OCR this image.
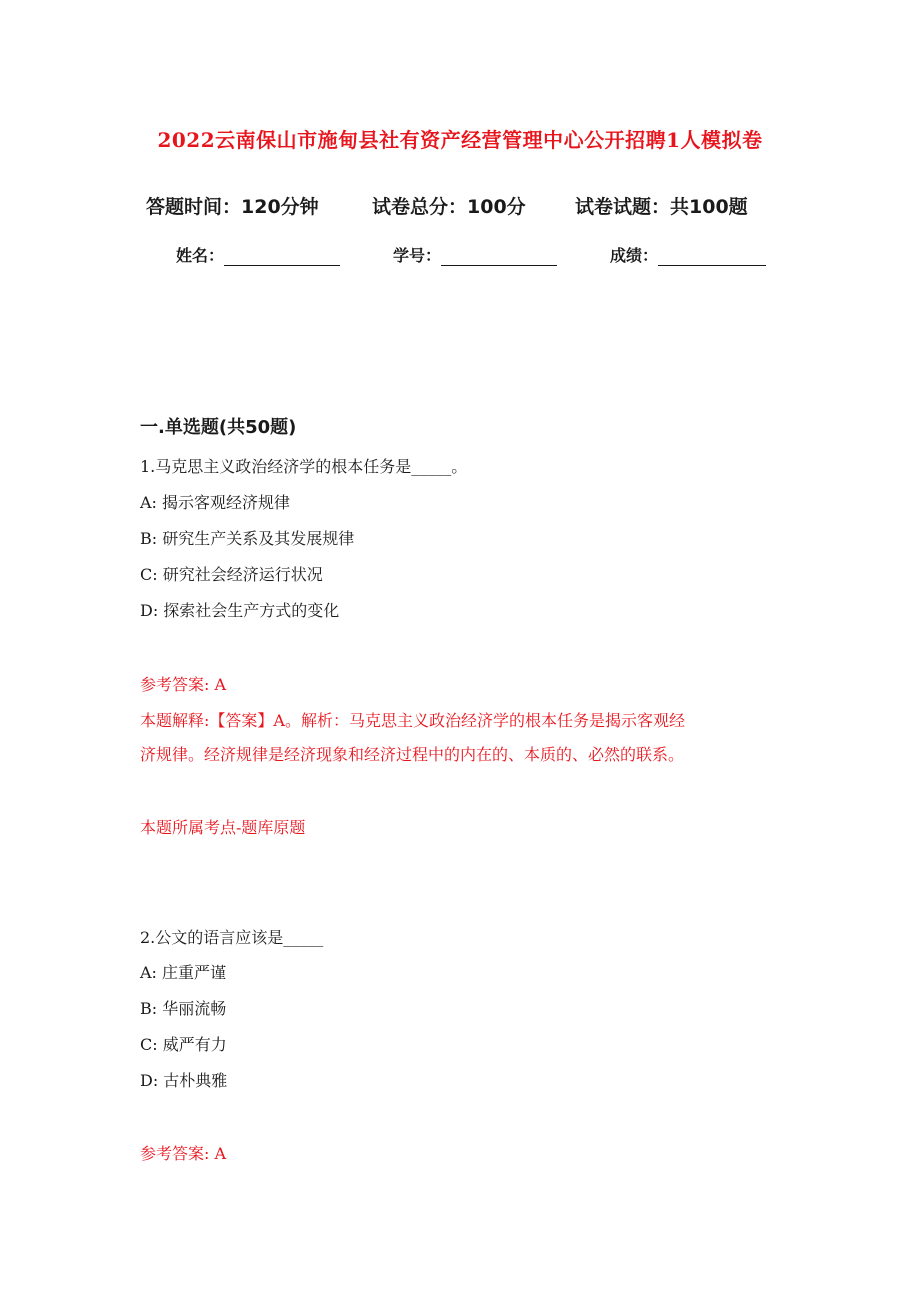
2022云南保山市施甸县社有资产经营管理中心公开招聘1人模拟卷
答题时间：120分钟	试卷总分：100分	试卷试题：共100题
姓名：	学号：	成绩：
一.单选题(共50题)
1.马克思主义政治经济学的根本任务是_____。
A: 揭示客观经济规律
B: 研究生产关系及其发展规律
C: 研究社会经济运行状况
D: 探索社会生产方式的变化
参考答案: A
本题解释:【答案】A。解析：马克思主义政治经济学的根本任务是揭示客观经
济规律。经济规律是经济现象和经济过程中的内在的、本质的、必然的联系。
本题所属考点-题库原题
2.公文的语言应该是_____
A: 庄重严谨
B: 华丽流畅
C: 威严有力
D: 古朴典雅
参考答案: A
